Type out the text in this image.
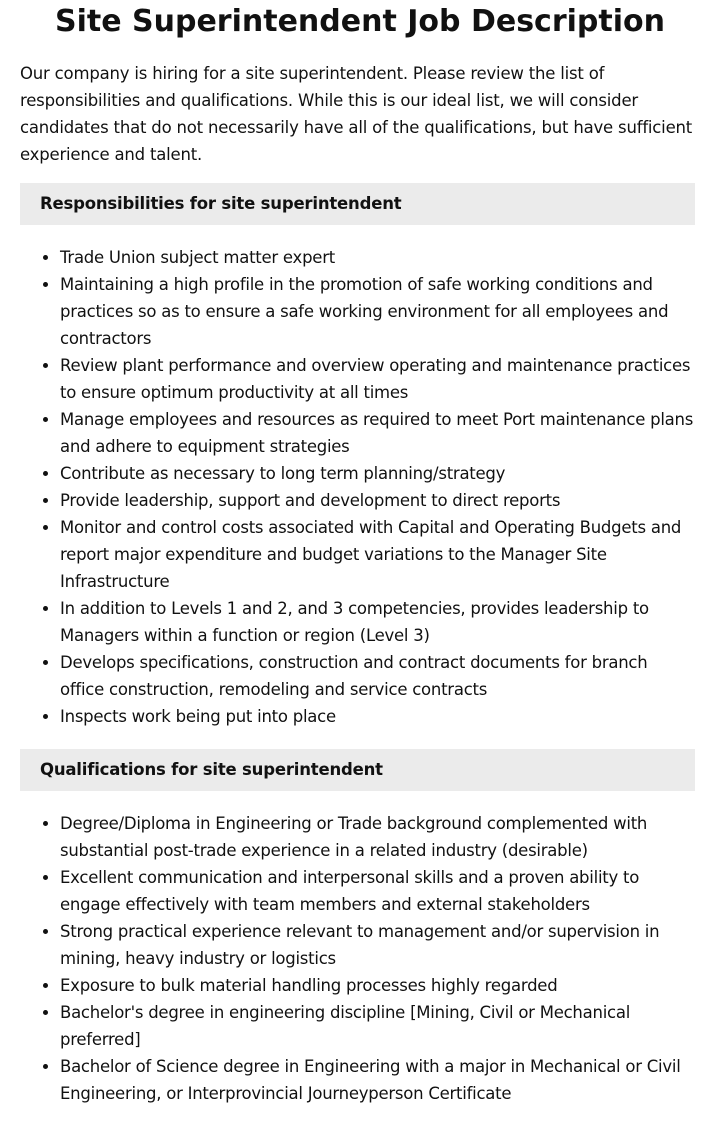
Site Superintendent Job Description

Our company is hiring for a site superintendent. Please review the list of responsibilities and qualifications. While this is our ideal list, we will consider candidates that do not necessarily have all of the qualifications, but have sufficient experience and talent.

Responsibilities for site superintendent
• Trade Union subject matter expert
• Maintaining a high profile in the promotion of safe working conditions and practices so as to ensure a safe working environment for all employees and contractors
• Review plant performance and overview operating and maintenance practices to ensure optimum productivity at all times
• Manage employees and resources as required to meet Port maintenance plans and adhere to equipment strategies
• Contribute as necessary to long term planning/strategy
• Provide leadership, support and development to direct reports
• Monitor and control costs associated with Capital and Operating Budgets and report major expenditure and budget variations to the Manager Site Infrastructure
• In addition to Levels 1 and 2, and 3 competencies, provides leadership to Managers within a function or region (Level 3)
• Develops specifications, construction and contract documents for branch office construction, remodeling and service contracts
• Inspects work being put into place
Qualifications for site superintendent
• Degree/Diploma in Engineering or Trade background complemented with substantial post-trade experience in a related industry (desirable)
• Excellent communication and interpersonal skills and a proven ability to engage effectively with team members and external stakeholders
• Strong practical experience relevant to management and/or supervision in mining, heavy industry or logistics
• Exposure to bulk material handling processes highly regarded
• Bachelor's degree in engineering discipline [Mining, Civil or Mechanical preferred]
• Bachelor of Science degree in Engineering with a major in Mechanical or Civil Engineering, or Interprovincial Journeyperson Certificate
